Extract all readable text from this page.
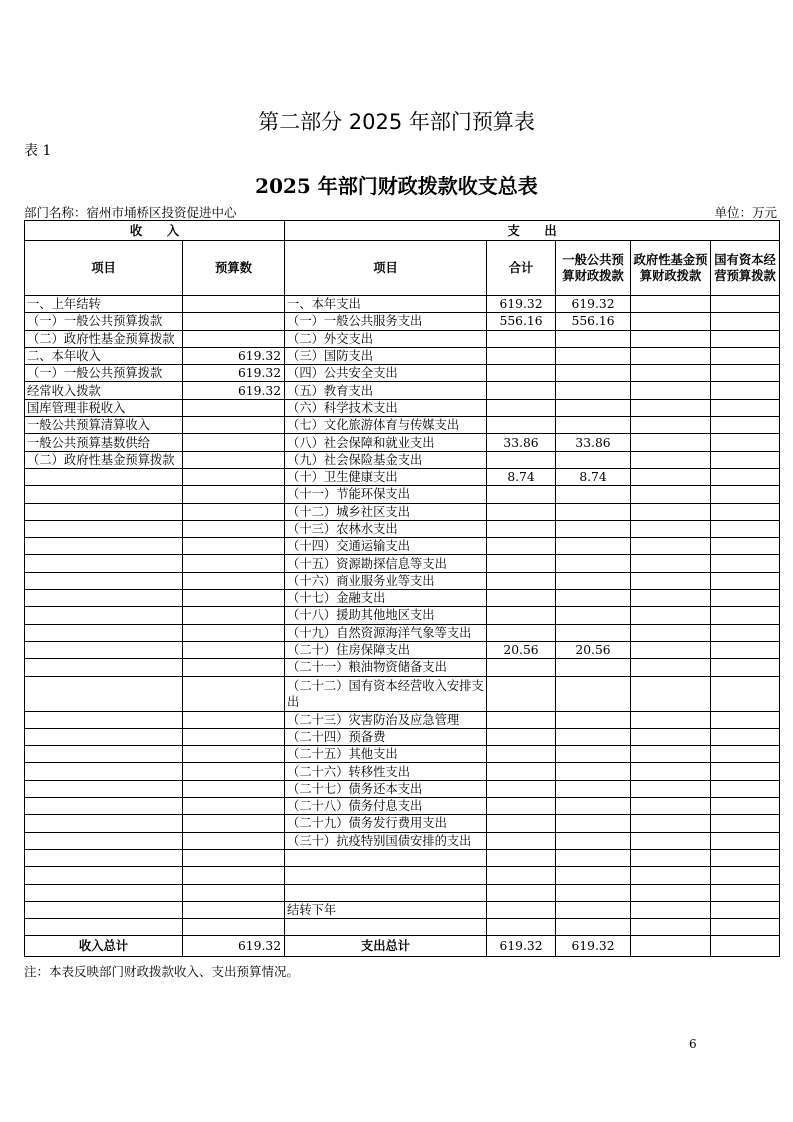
第二部分 2025 年部门预算表
表 1
2025 年部门财政拨款收支总表
部门名称：宿州市埇桥区投资促进中心	单位：万元
收　　入		支　　出				
项目	预算数	项目	合计	一般公共预算财政拨款	政府性基金预算财政拨款	国有资本经营预算拨款
一、上年结转		一、本年支出	619.32	619.32		
（一）一般公共预算拨款		（一）一般公共服务支出	556.16	556.16		
（二）政府性基金预算拨款		（二）外交支出				
二、本年收入	619.32	（三）国防支出				
（一）一般公共预算拨款	619.32	（四）公共安全支出				
经常收入拨款	619.32	（五）教育支出				
国库管理非税收入		（六）科学技术支出				
一般公共预算清算收入		（七）文化旅游体育与传媒支出				
一般公共预算基数供给		（八）社会保障和就业支出	33.86	33.86		
（二）政府性基金预算拨款		（九）社会保险基金支出				
		（十）卫生健康支出	8.74	8.74		
		（十一）节能环保支出				
		（十二）城乡社区支出				
		（十三）农林水支出				
		（十四）交通运输支出				
		（十五）资源勘探信息等支出				
		（十六）商业服务业等支出				
		（十七）金融支出				
		（十八）援助其他地区支出				
		（十九）自然资源海洋气象等支出				
		（二十）住房保障支出	20.56	20.56		
		（二十一）粮油物资储备支出				
		（二十二）国有资本经营收入安排支出				
		（二十三）灾害防治及应急管理				
		（二十四）预备费				
		（二十五）其他支出				
		（二十六）转移性支出				
		（二十七）债务还本支出				
		（二十八）债务付息支出				
		（二十九）债务发行费用支出				
		（三十）抗疫特别国债安排的支出				

		结转下年				

收入总计	619.32	支出总计	619.32	619.32		
注：本表反映部门财政拨款收入、支出预算情况。
6
